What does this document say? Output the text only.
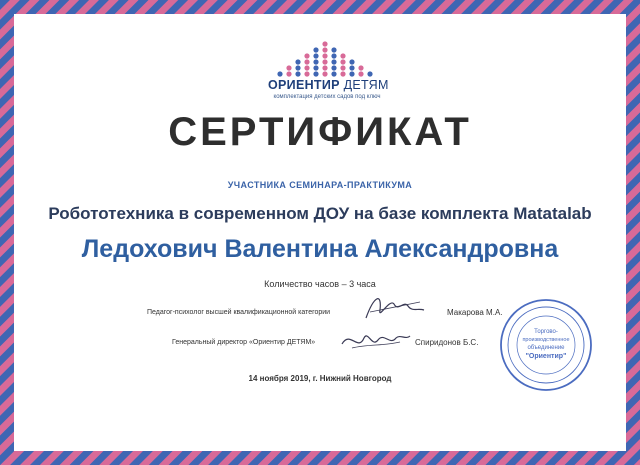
ОРИЕНТИР ДЕТЯМ
комплектация детских садов под ключ
СЕРТИФИКАТ
УЧАСТНИКА СЕМИНАРА-ПРАКТИКУМА
Робототехника в современном ДОУ на базе комплекта Matatalab
Ледохович Валентина Александровна
Количество часов – 3 часа
Педагог-психолог высшей квалификационной категории	Макарова М.А.
Генеральный директор «Ориентир ДЕТЯМ»	Спиридонов Б.С.
14 ноября 2019, г. Нижний Новгород
Торгово-
производственное
объединение
"Ориентир"
